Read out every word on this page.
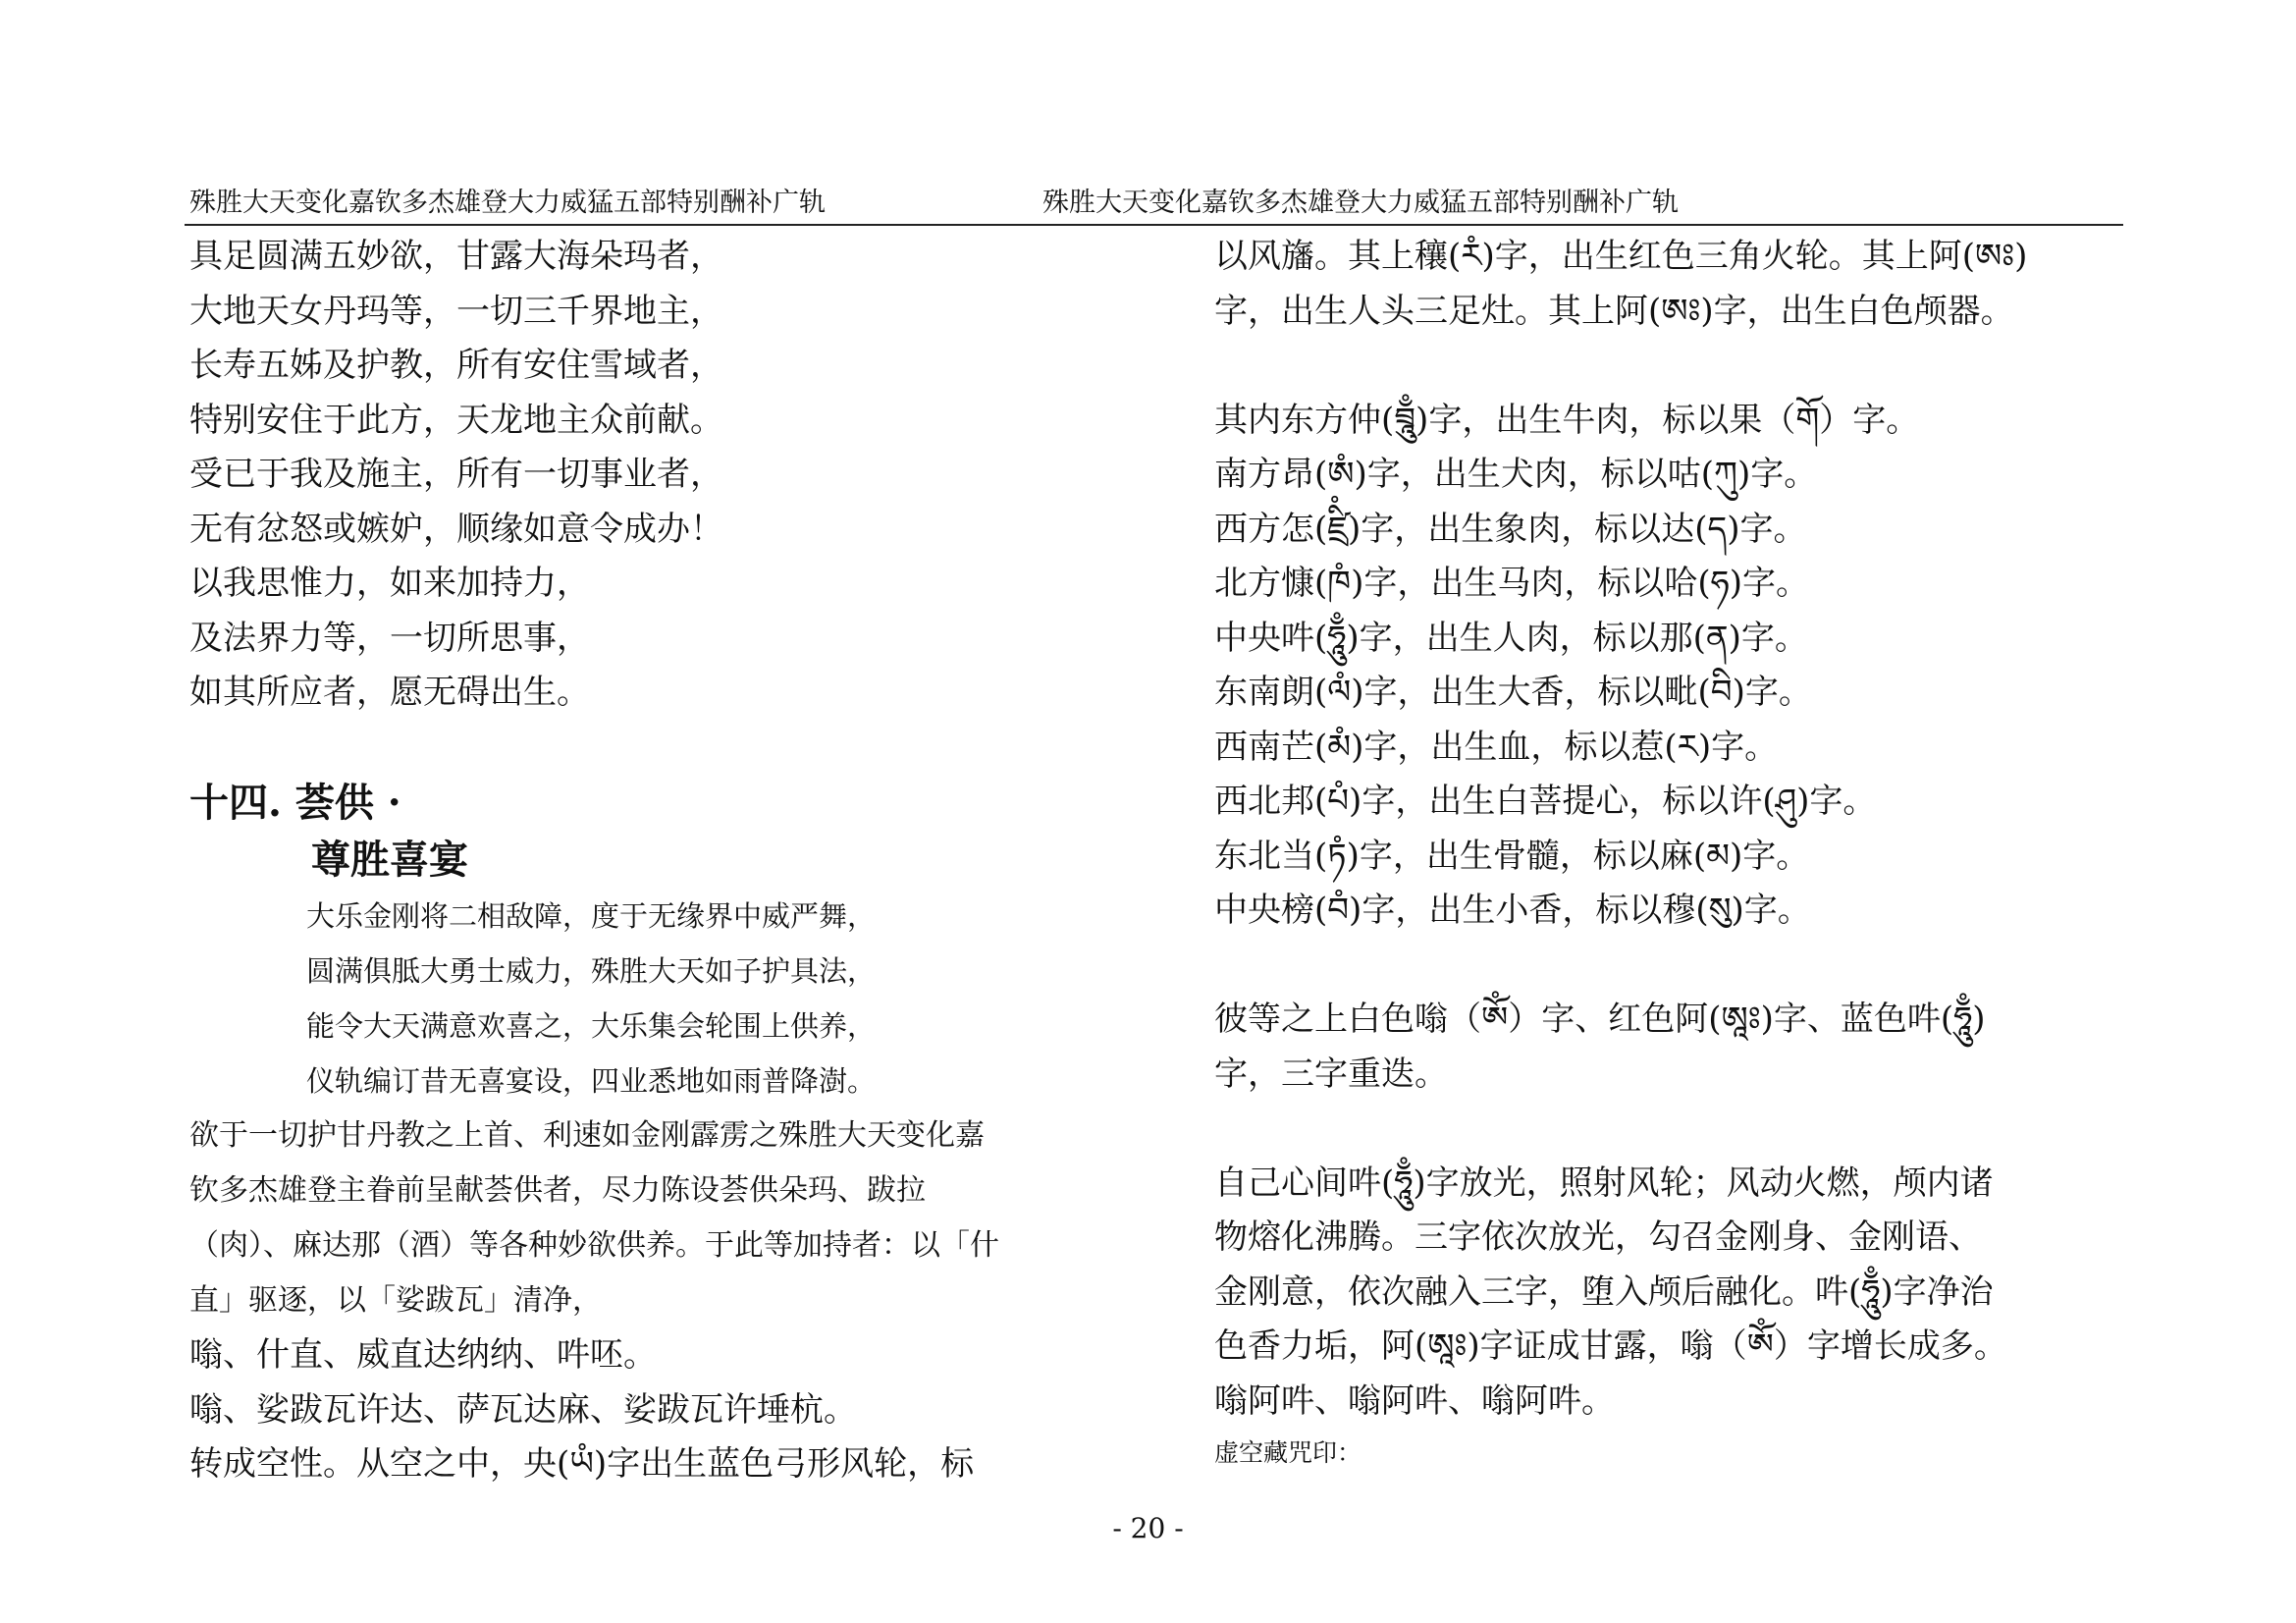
殊胜大天变化嘉钦多杰雄登大力威猛五部特别酬补广轨	殊胜大天变化嘉钦多杰雄登大力威猛五部特别酬补广轨
具足圆满五妙欲，甘露大海朵玛者，
大地天女丹玛等，一切三千界地主，
长寿五姊及护教，所有安住雪域者，
特别安住于此方，天龙地主众前献。
受已于我及施主，所有一切事业者，
无有忿怒或嫉妒，顺缘如意令成办！
以我思惟力，如来加持力，
及法界力等，一切所思事，
如其所应者，愿无碍出生。
十四. 荟供 ·
尊胜喜宴
大乐金刚将二相敌障，度于无缘界中威严舞，
圆满俱胝大勇士威力，殊胜大天如子护具法，
能令大天满意欢喜之，大乐集会轮围上供养，
仪轨编订昔无喜宴设，四业悉地如雨普降澍。
欲于一切护甘丹教之上首、利速如金刚霹雳之殊胜大天变化嘉
钦多杰雄登主眷前呈献荟供者，尽力陈设荟供朵玛、跋拉
（肉）、麻达那（酒）等各种妙欲供养。于此等加持者：以「什
直」驱逐，以「娑跋瓦」清净，
嗡、什直、威直达纳纳、吽呸。
嗡、娑跋瓦许达、萨瓦达麻、娑跋瓦许埵杭。
转成空性。从空之中，央(ཡཾ)字出生蓝色弓形风轮，标
以风旛。其上穰(རཾ)字，出生红色三角火轮。其上阿(ཨཿ)
字，出生人头三足灶。其上阿(ཨཿ)字，出生白色颅器。
其内东方仲(བྲཱུྃ)字，出生牛肉，标以果（གོ）字。
南方昂(ཨཾ)字，出生犬肉，标以咕(ཀུ)字。
西方怎(ཛྲིཾ)字，出生象肉，标以达(ད)字。
北方慷(ཁཾ)字，出生马肉，标以哈(ཧ)字。
中央吽(ཧཱུྃ)字，出生人肉，标以那(ན)字。
东南朗(ལཾ)字，出生大香，标以毗(བི)字。
西南芒(མཾ)字，出生血，标以惹(ར)字。
西北邦(པཾ)字，出生白菩提心，标以许(ཤུ)字。
东北当(ཏཾ)字，出生骨髓，标以麻(མ)字。
中央榜(བཾ)字，出生小香，标以穆(སུ)字。
彼等之上白色嗡（ཨོཾ）字、红色阿(ཨཱཿ)字、蓝色吽(ཧཱུྃ)
字，三字重迭。
自己心间吽(ཧཱུྃ)字放光，照射风轮；风动火燃，颅内诸
物熔化沸腾。三字依次放光，勾召金刚身、金刚语、
金刚意，依次融入三字，堕入颅后融化。吽(ཧཱུྃ)字净治
色香力垢，阿(ཨཱཿ)字证成甘露，嗡（ཨོཾ）字增长成多。
嗡阿吽、嗡阿吽、嗡阿吽。
虚空藏咒印：
- 20 -
